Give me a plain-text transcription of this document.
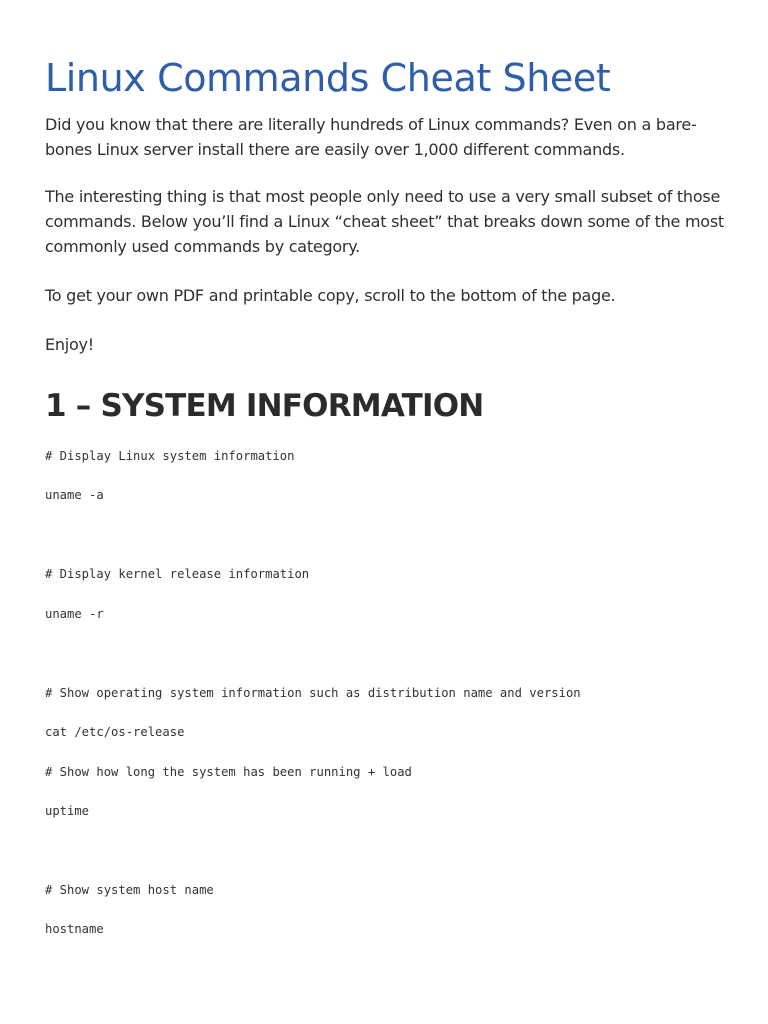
Linux Commands Cheat Sheet

Did you know that there are literally hundreds of Linux commands? Even on a bare-bones Linux server install there are easily over 1,000 different commands.

The interesting thing is that most people only need to use a very small subset of those commands. Below you’ll find a Linux “cheat sheet” that breaks down some of the most commonly used commands by category.

To get your own PDF and printable copy, scroll to the bottom of the page.

Enjoy!

1 – SYSTEM INFORMATION
# Display Linux system information
uname -a
# Display kernel release information
uname -r
# Show operating system information such as distribution name and version
cat /etc/os-release
# Show how long the system has been running + load
uptime
# Show system host name
hostname
